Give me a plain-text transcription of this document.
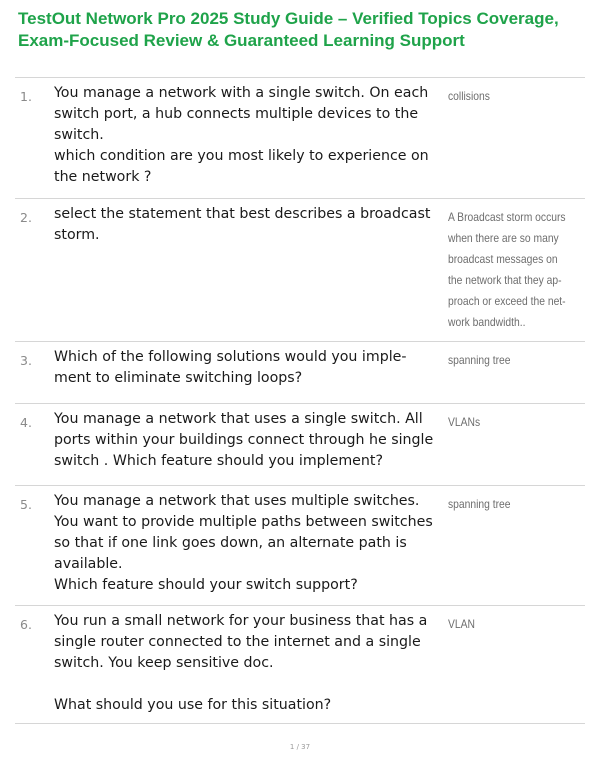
TestOut Network Pro 2025 Study Guide – Verified Topics Coverage,
Exam-Focused Review & Guaranteed Learning Support
1. You manage a network with a single switch. On each
switch port, a hub connects multiple devices to the
switch.
which condition are you most likely to experience on
the network ?
collisions
2. select the statement that best describes a broadcast
storm.
A Broadcast storm occurs
when there are so many
broadcast messages on
the network that they ap-
proach or exceed the net-
work bandwidth..
3. Which of the following solutions would you imple-
ment to eliminate switching loops?
spanning tree
4. You manage a network that uses a single switch. All
ports within your buildings connect through he single
switch . Which feature should you implement?
VLANs
5. You manage a network that uses multiple switches.
You want to provide multiple paths between switches
so that if one link goes down, an alternate path is
available.
Which feature should your switch support?
spanning tree
6. You run a small network for your business that has a
single router connected to the internet and a single
switch. You keep sensitive doc.

What should you use for this situation?
VLAN
1 / 37
